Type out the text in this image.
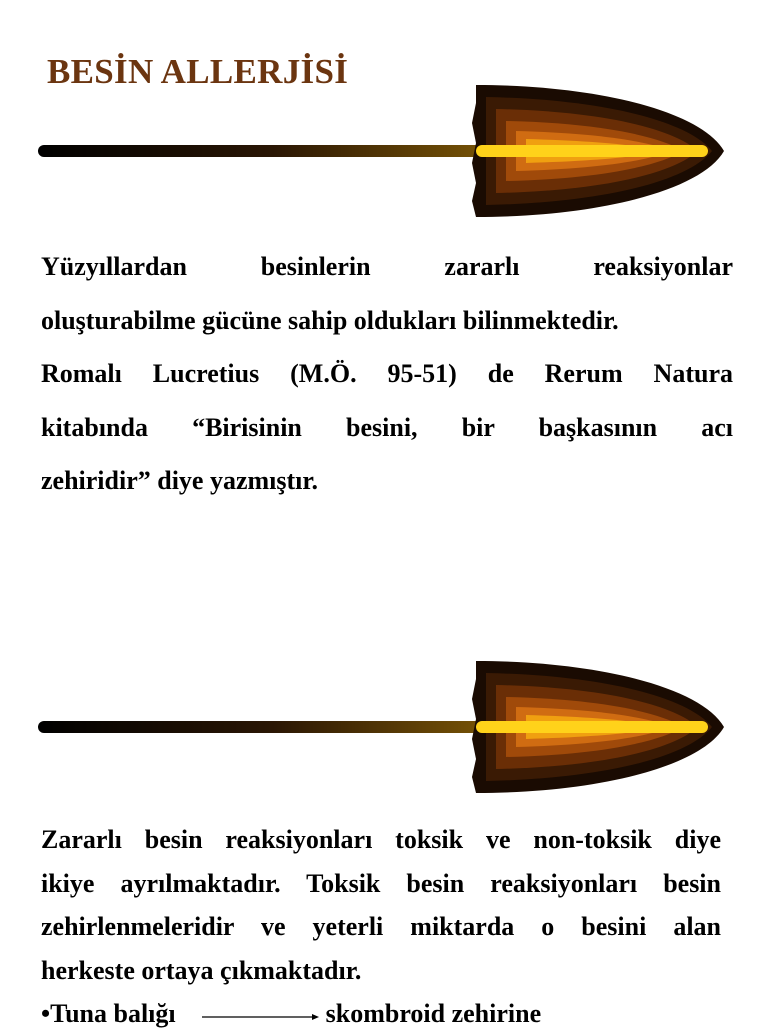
BESİN ALLERJİSİ
Yüzyıllardan besinlerin zararlı reaksiyonlar
oluşturabilme gücüne sahip oldukları bilinmektedir.
Romalı Lucretius (M.Ö. 95-51) de Rerum Natura
kitabında “Birisinin besini, bir başkasının acı
zehiridir” diye yazmıştır.
Zararlı besin reaksiyonları toksik ve non-toksik diye
ikiye ayrılmaktadır. Toksik besin reaksiyonları besin
zehirlenmeleridir ve yeterli miktarda o besini alan
herkeste ortaya çıkmaktadır.
•Tuna balığı	skombroid zehirine
